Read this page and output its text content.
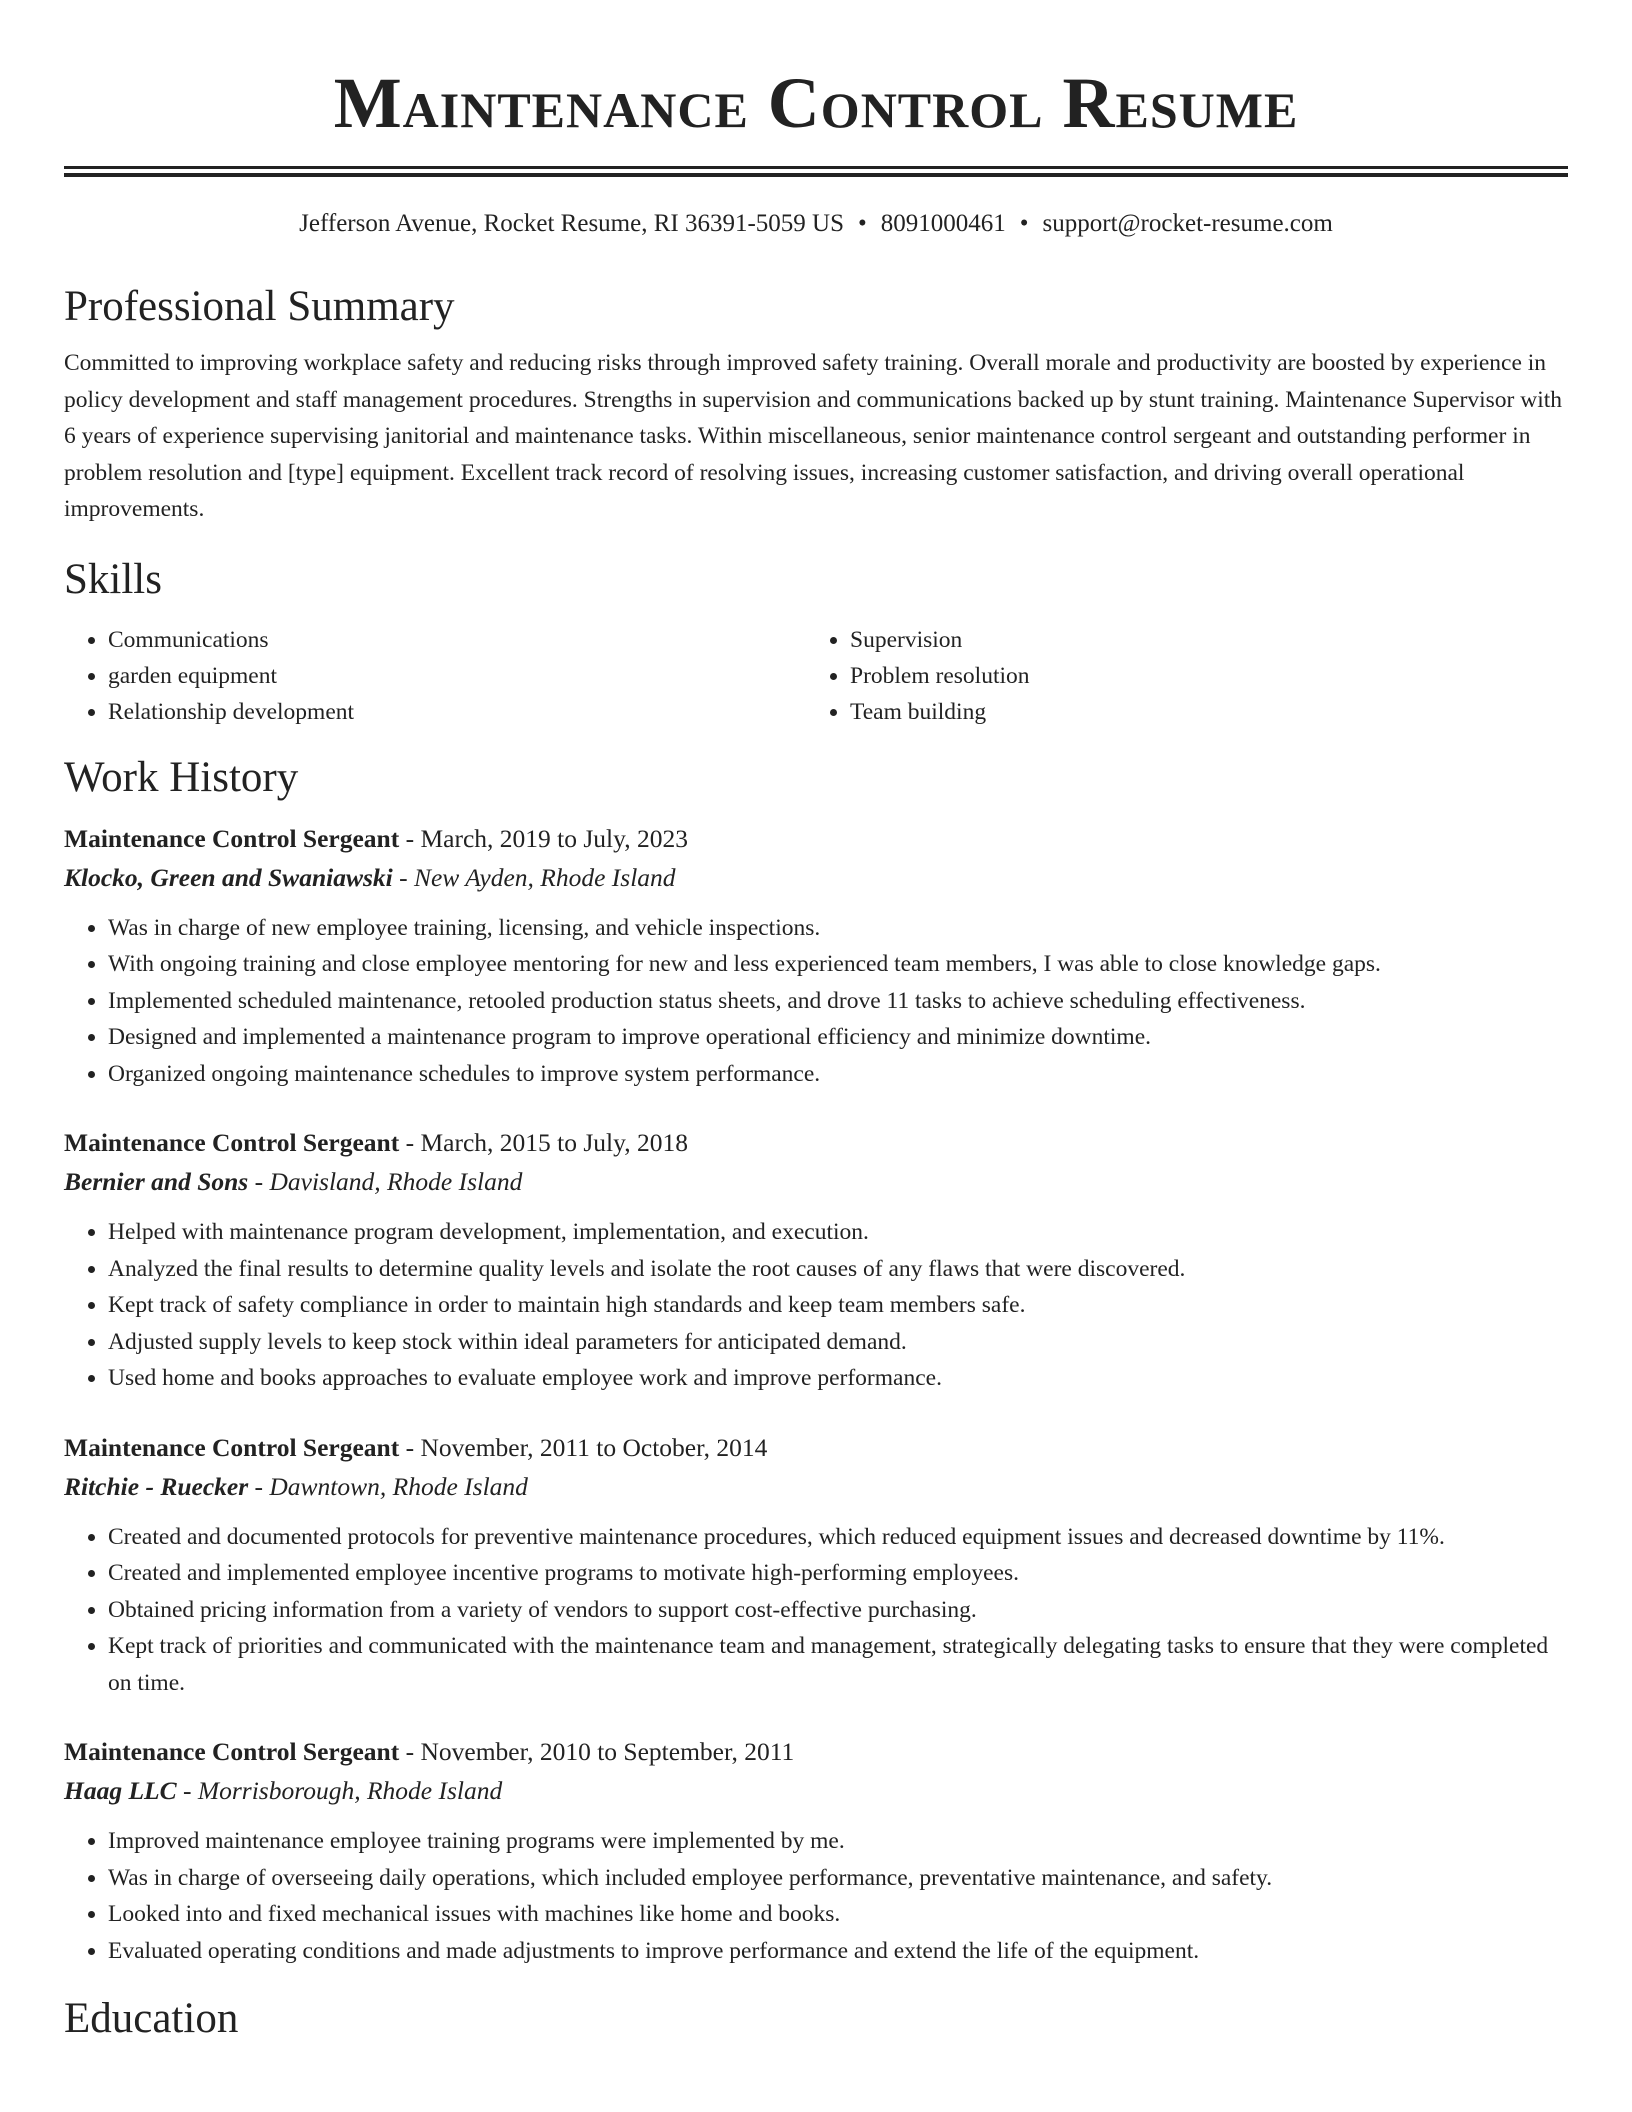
Maintenance Control Resume
Jefferson Avenue, Rocket Resume, RI 36391-5059 US • 8091000461 • support@rocket-resume.com
Professional Summary

Committed to improving workplace safety and reducing risks through improved safety training. Overall morale and productivity are boosted by experience in policy development and staff management procedures. Strengths in supervision and communications backed up by stunt training. Maintenance Supervisor with 6 years of experience supervising janitorial and maintenance tasks. Within miscellaneous, senior maintenance control sergeant and outstanding performer in problem resolution and [type] equipment. Excellent track record of resolving issues, increasing customer satisfaction, and driving overall operational improvements.

Skills
• Communications
• garden equipment
• Relationship development
• Supervision
• Problem resolution
• Team building
Work History
Maintenance Control Sergeant - March, 2019 to July, 2023
Klocko, Green and Swaniawski - New Ayden, Rhode Island
• Was in charge of new employee training, licensing, and vehicle inspections.
• With ongoing training and close employee mentoring for new and less experienced team members, I was able to close knowledge gaps.
• Implemented scheduled maintenance, retooled production status sheets, and drove 11 tasks to achieve scheduling effectiveness.
• Designed and implemented a maintenance program to improve operational efficiency and minimize downtime.
• Organized ongoing maintenance schedules to improve system performance.
Maintenance Control Sergeant - March, 2015 to July, 2018
Bernier and Sons - Davisland, Rhode Island
• Helped with maintenance program development, implementation, and execution.
• Analyzed the final results to determine quality levels and isolate the root causes of any flaws that were discovered.
• Kept track of safety compliance in order to maintain high standards and keep team members safe.
• Adjusted supply levels to keep stock within ideal parameters for anticipated demand.
• Used home and books approaches to evaluate employee work and improve performance.
Maintenance Control Sergeant - November, 2011 to October, 2014
Ritchie - Ruecker - Dawntown, Rhode Island
• Created and documented protocols for preventive maintenance procedures, which reduced equipment issues and decreased downtime by 11%.
• Created and implemented employee incentive programs to motivate high-performing employees.
• Obtained pricing information from a variety of vendors to support cost-effective purchasing.
• Kept track of priorities and communicated with the maintenance team and management, strategically delegating tasks to ensure that they were completed on time.
Maintenance Control Sergeant - November, 2010 to September, 2011
Haag LLC - Morrisborough, Rhode Island
• Improved maintenance employee training programs were implemented by me.
• Was in charge of overseeing daily operations, which included employee performance, preventative maintenance, and safety.
• Looked into and fixed mechanical issues with machines like home and books.
• Evaluated operating conditions and made adjustments to improve performance and extend the life of the equipment.
Education
